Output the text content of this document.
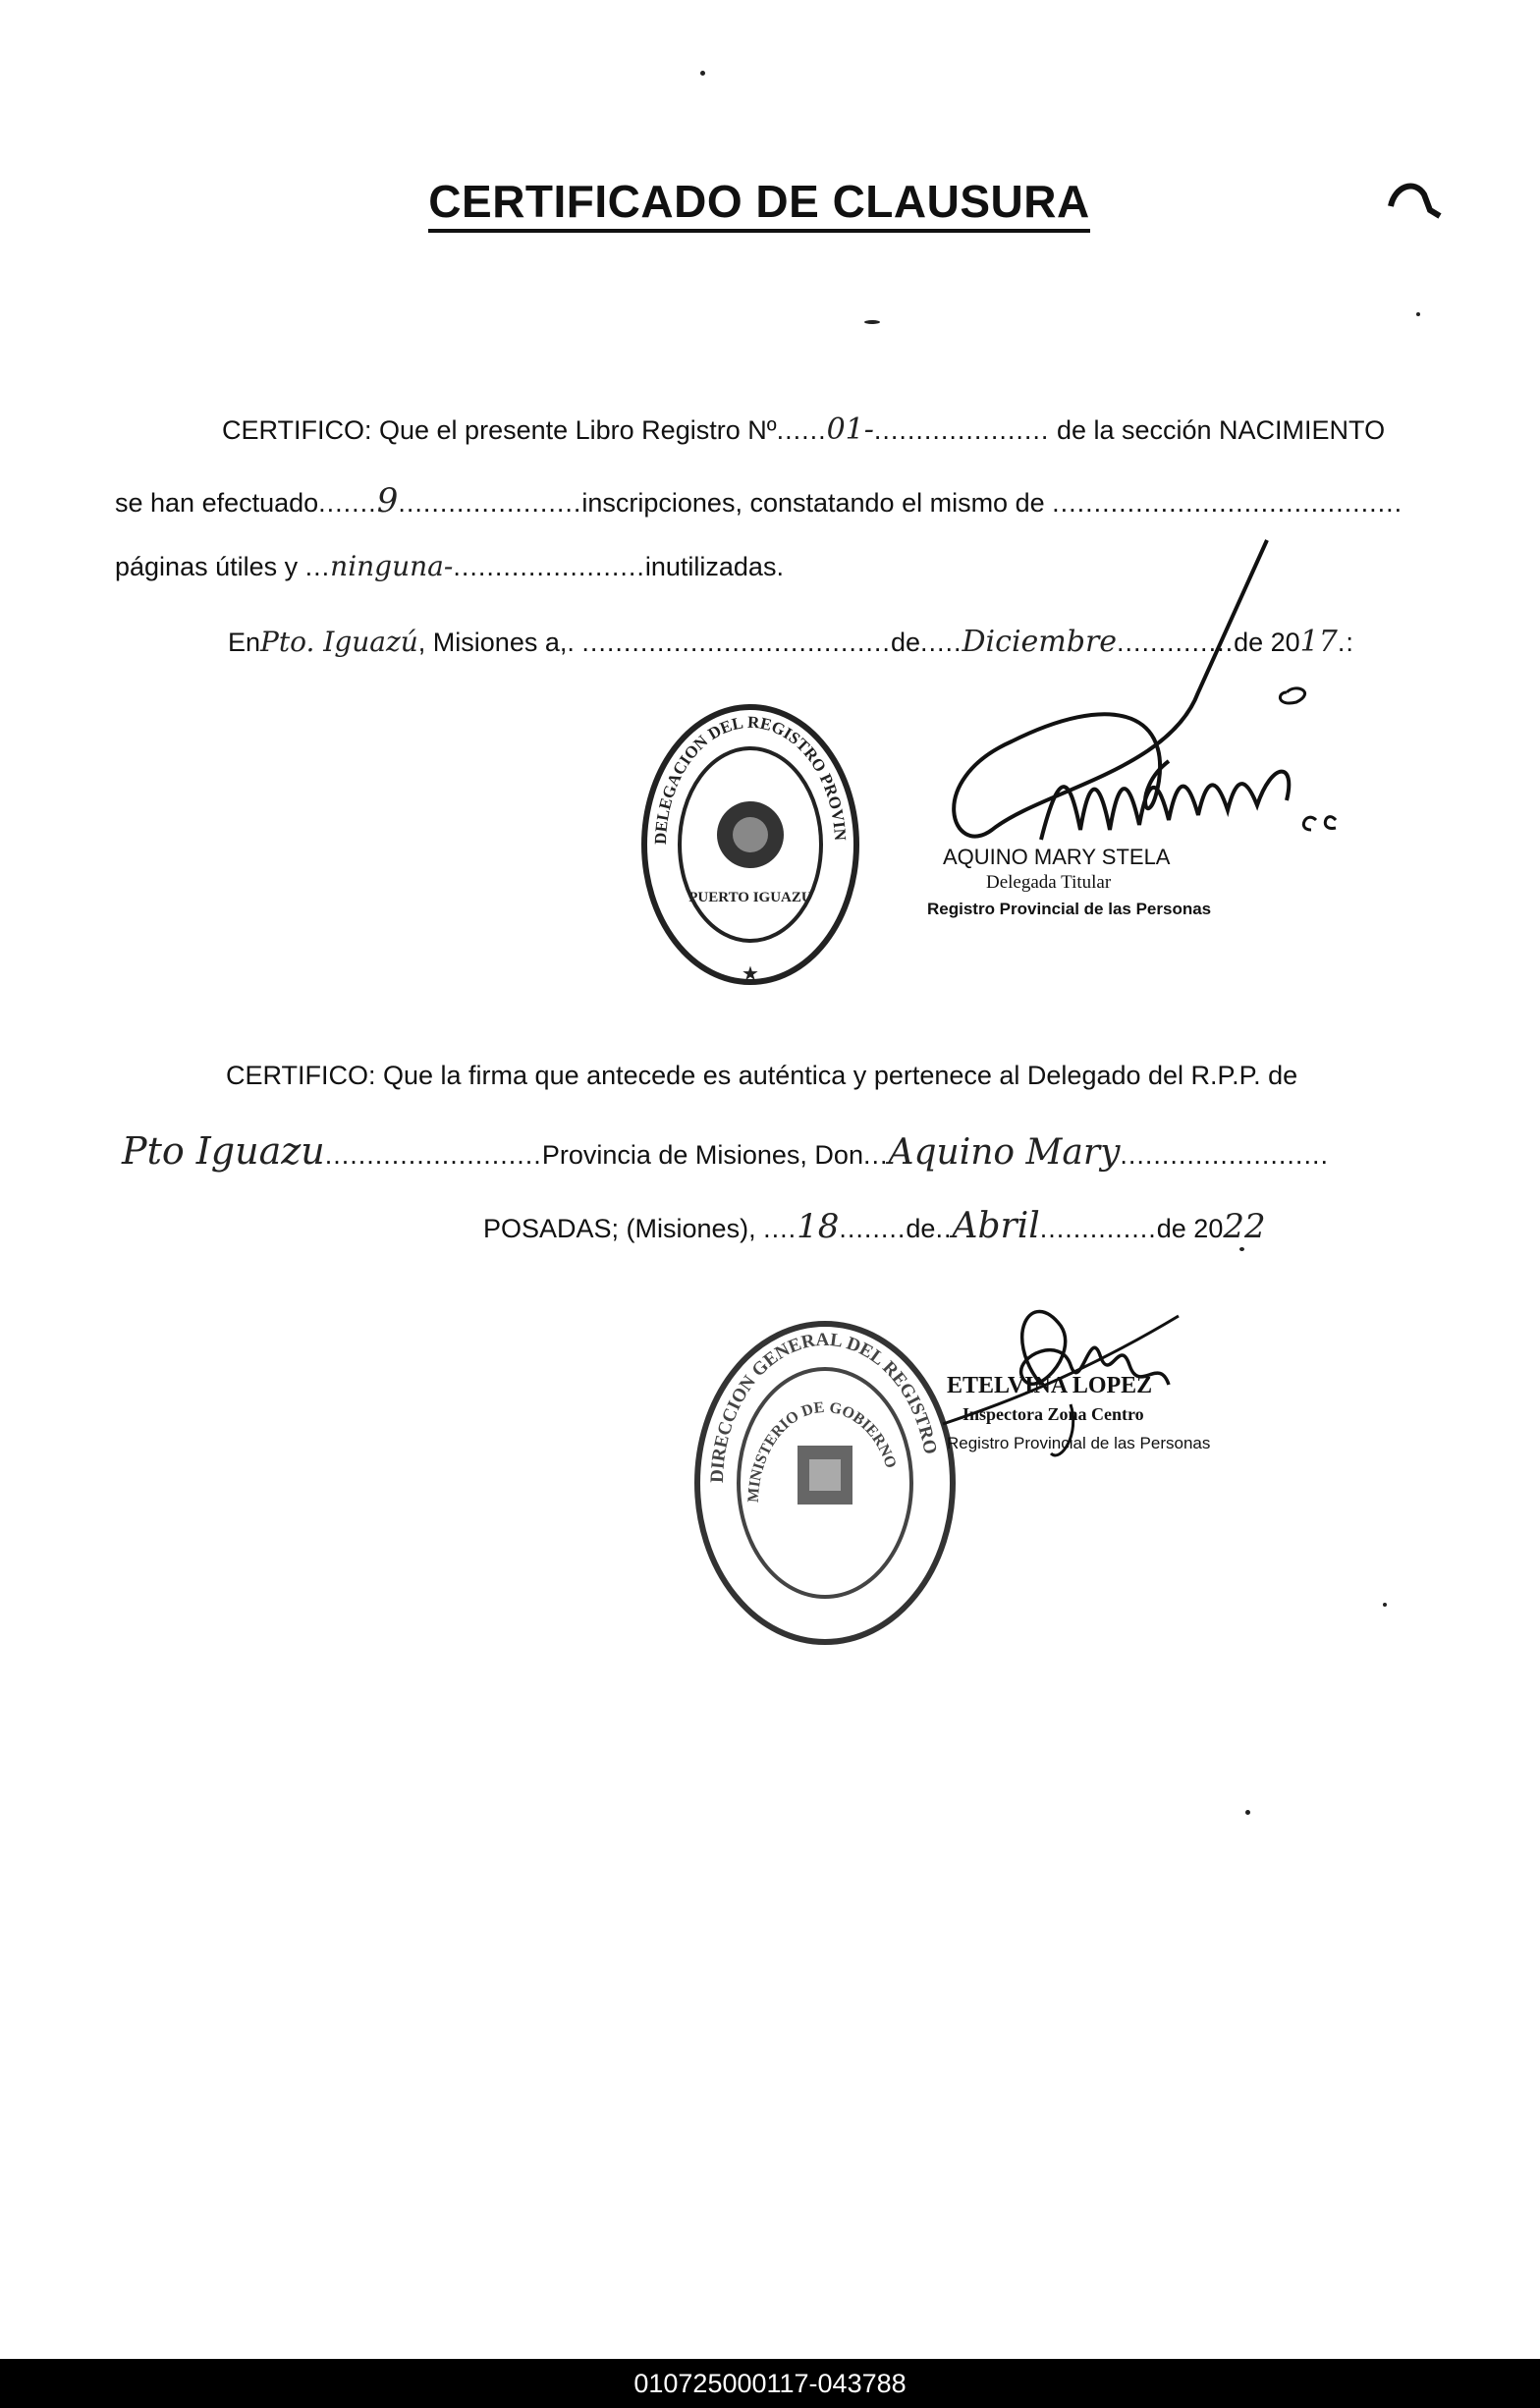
CERTIFICADO DE CLAUSURA
CERTIFICO: Que el presente Libro Registro Nº......01-..................... de la sección NACIMIENTO
se han efectuado.......9......................inscripciones, constatando el mismo de ..........................................
páginas útiles y ...ninguna-.......................inutilizadas.
EnPto. Iguazú, Misiones a,. .....................................de.....Diciembre..............de 2017.:
DELEGACION DEL REGISTRO PROVINCIAL DE LAS PERSONAS
PUERTO IGUAZU
★
AQUINO MARY STELA
Delegada Titular
Registro Provincial de las Personas
CERTIFICO: Que la firma que antecede es auténtica y pertenece al Delegado del R.P.P. de
Pto Iguazu..........................Provincia de Misiones, Don...Aquino Mary.........................
POSADAS; (Misiones), ....18........de..Abril..............de 2022
DIRECCION GENERAL DEL REGISTRO
MINISTERIO DE GOBIERNO
ETELVINA LOPEZ
Inspectora Zona Centro
Registro Provincial de las Personas
010725000117-043788
